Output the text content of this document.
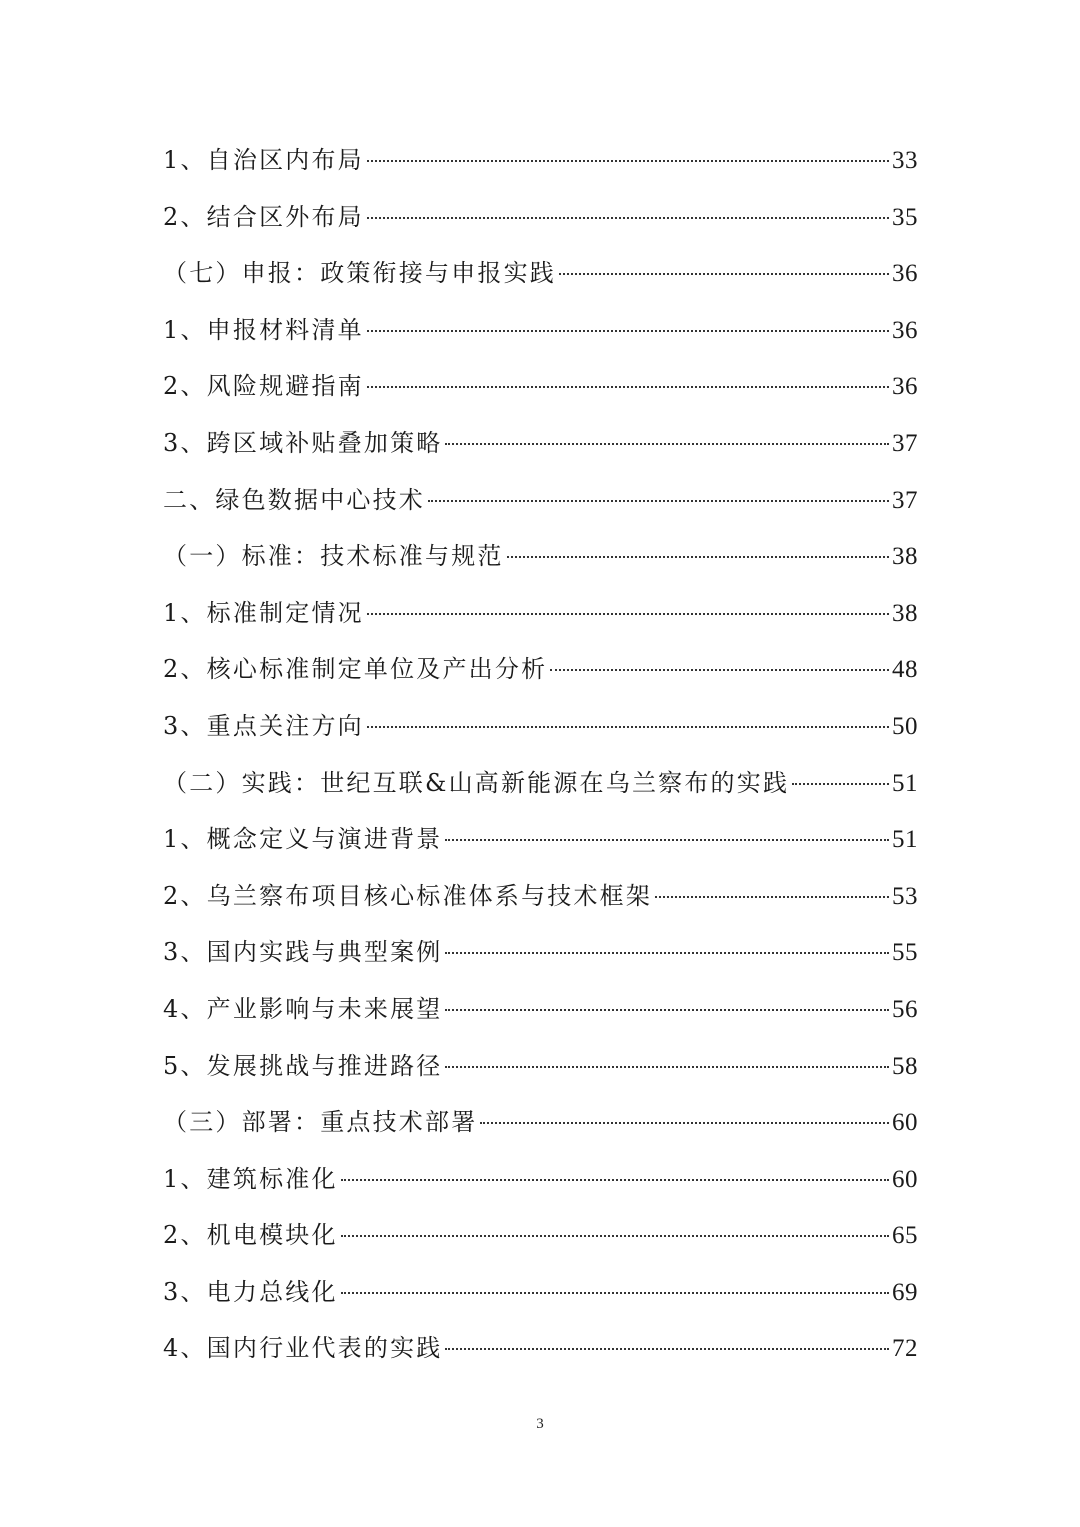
1、自治区内布局	33
2、结合区外布局	35
（七）申报：政策衔接与申报实践	36
1、申报材料清单	36
2、风险规避指南	36
3、跨区域补贴叠加策略	37
二、绿色数据中心技术	37
（一）标准：技术标准与规范	38
1、标准制定情况	38
2、核心标准制定单位及产出分析	48
3、重点关注方向	50
（二）实践：世纪互联&山高新能源在乌兰察布的实践	51
1、概念定义与演进背景	51
2、乌兰察布项目核心标准体系与技术框架	53
3、国内实践与典型案例	55
4、产业影响与未来展望	56
5、发展挑战与推进路径	58
（三）部署：重点技术部署	60
1、建筑标准化	60
2、机电模块化	65
3、电力总线化	69
4、国内行业代表的实践	72
3
